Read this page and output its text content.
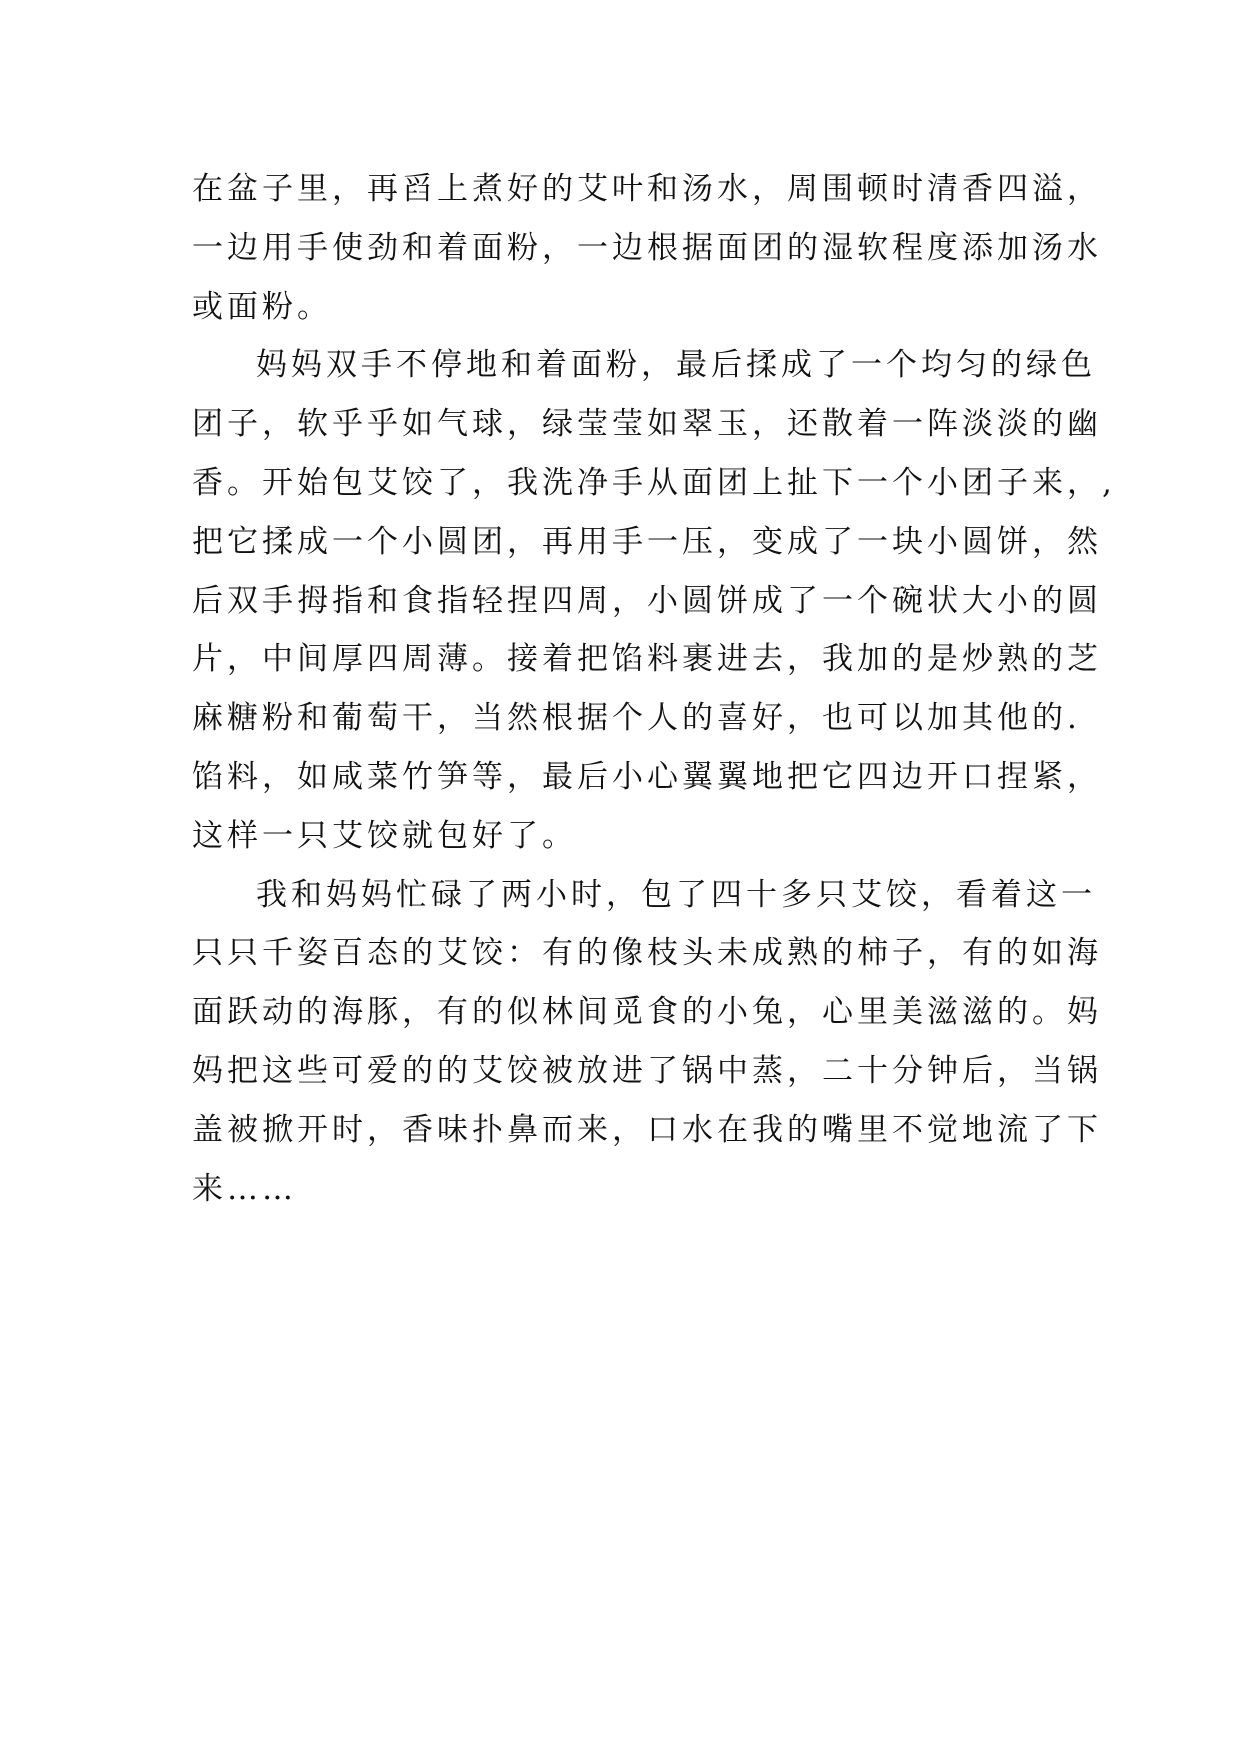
在盆子里，再舀上煮好的艾叶和汤水，周围顿时清香四溢，
一边用手使劲和着面粉，一边根据面团的湿软程度添加汤水
或面粉。
妈妈双手不停地和着面粉，最后揉成了一个均匀的绿色
团子，软乎乎如气球，绿莹莹如翠玉，还散着一阵淡淡的幽
香。开始包艾饺了，我洗净手从面团上扯下一个小团子来，,
把它揉成一个小圆团，再用手一压，变成了一块小圆饼，然
后双手拇指和食指轻捏四周，小圆饼成了一个碗状大小的圆
片，中间厚四周薄。接着把馅料裹进去，我加的是炒熟的芝
麻糖粉和葡萄干，当然根据个人的喜好，也可以加其他的.
馅料，如咸菜竹笋等，最后小心翼翼地把它四边开口捏紧，
这样一只艾饺就包好了。
我和妈妈忙碌了两小时，包了四十多只艾饺，看着这一
只只千姿百态的艾饺：有的像枝头未成熟的柿子，有的如海
面跃动的海豚，有的似林间觅食的小兔，心里美滋滋的。妈
妈把这些可爱的的艾饺被放进了锅中蒸，二十分钟后，当锅
盖被掀开时，香味扑鼻而来，口水在我的嘴里不觉地流了下
来……
